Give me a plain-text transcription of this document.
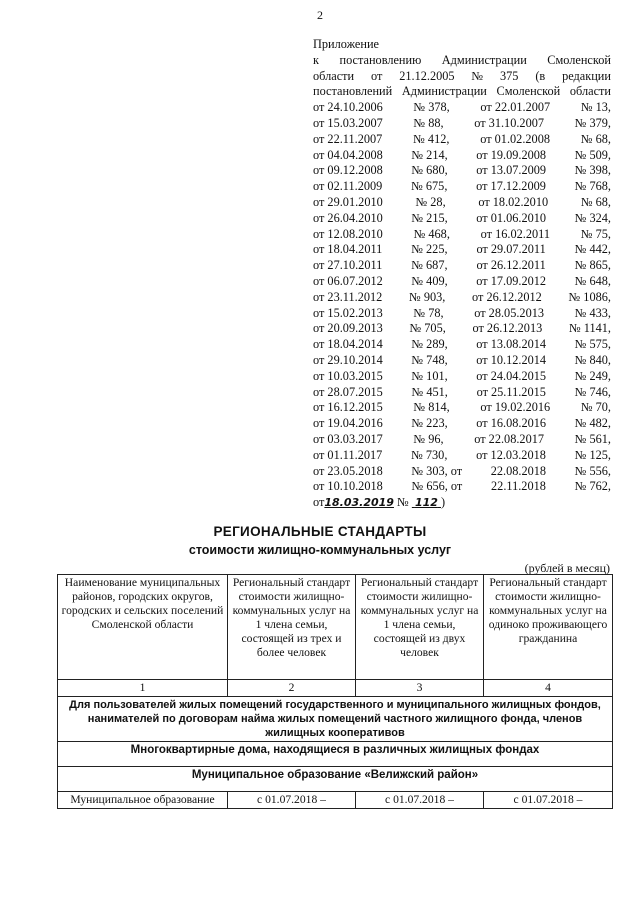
2
Приложение
к постановлению Администрации Смоленской
области от 21.12.2005 № 375 (в редакции
постановлений Администрации Смоленской области
от 24.10.2006 № 378, от 22.01.2007 № 13,
от 15.03.2007 № 88, от 31.10.2007 № 379,
от 22.11.2007	№ 412,	от 01.02.2008	№ 68,
от 04.04.2008 № 214, от 19.09.2008 № 509,
от 09.12.2008 № 680, от 13.07.2009 № 398,
от 02.11.2009 № 675, от 17.12.2009 № 768,
от 29.01.2010	№ 28,	от 18.02.2010	№ 68,
от 26.04.2010 № 215, от 01.06.2010 № 324,
от 12.08.2010	№ 468,	от 16.02.2011	№ 75,
от 18.04.2011 № 225, от 29.07.2011 № 442,
от 27.10.2011 № 687, от 26.12.2011 № 865,
от 06.07.2012 № 409, от 17.09.2012 № 648,
от 23.11.2012 № 903, от 26.12.2012 № 1086,
от 15.02.2013 № 78, от 28.05.2013 № 433,
от 20.09.2013 № 705, от 26.12.2013 № 1141,
от 18.04.2014 № 289, от 13.08.2014 № 575,
от 29.10.2014 № 748, от 10.12.2014 № 840,
от 10.03.2015 № 101, от 24.04.2015 № 249,
от 28.07.2015 № 451, от 25.11.2015 № 746,
от 16.12.2015 № 814, от 19.02.2016 № 70,
от 19.04.2016 № 223, от 16.08.2016 № 482,
от 03.03.2017 № 96, от 22.08.2017 № 561,
от 01.11.2017 № 730, от 12.03.2018 № 125,
от 23.05.2018 № 303, от 22.08.2018 № 556,
от 10.10.2018 № 656, от 22.11.2018 № 762,
от18.03.2019 № 112 )
РЕГИОНАЛЬНЫЕ СТАНДАРТЫ
стоимости жилищно-коммунальных услуг
(рублей в месяц)
Наименование муниципальных районов, городских округов, городских и сельских поселений Смоленской области	Региональный стандарт стоимости жилищно-коммунальных услуг на 1 члена семьи, состоящей из трех и более человек	Региональный стандарт стоимости жилищно-коммунальных услуг на 1 члена семьи, состоящей из двух человек	Региональный стандарт стоимости жилищно-коммунальных услуг на одиноко проживающего гражданина
1	2	3	4
Для пользователей жилых помещений государственного и муниципального жилищных фондов, нанимателей по договорам найма жилых помещений частного жилищного фонда, членов жилищных кооперативов			
Многоквартирные дома, находящиеся в различных жилищных фондах			
Муниципальное образование «Велижский район»			
Муниципальное образование	с 01.07.2018 –	с 01.07.2018 –	с 01.07.2018 –
